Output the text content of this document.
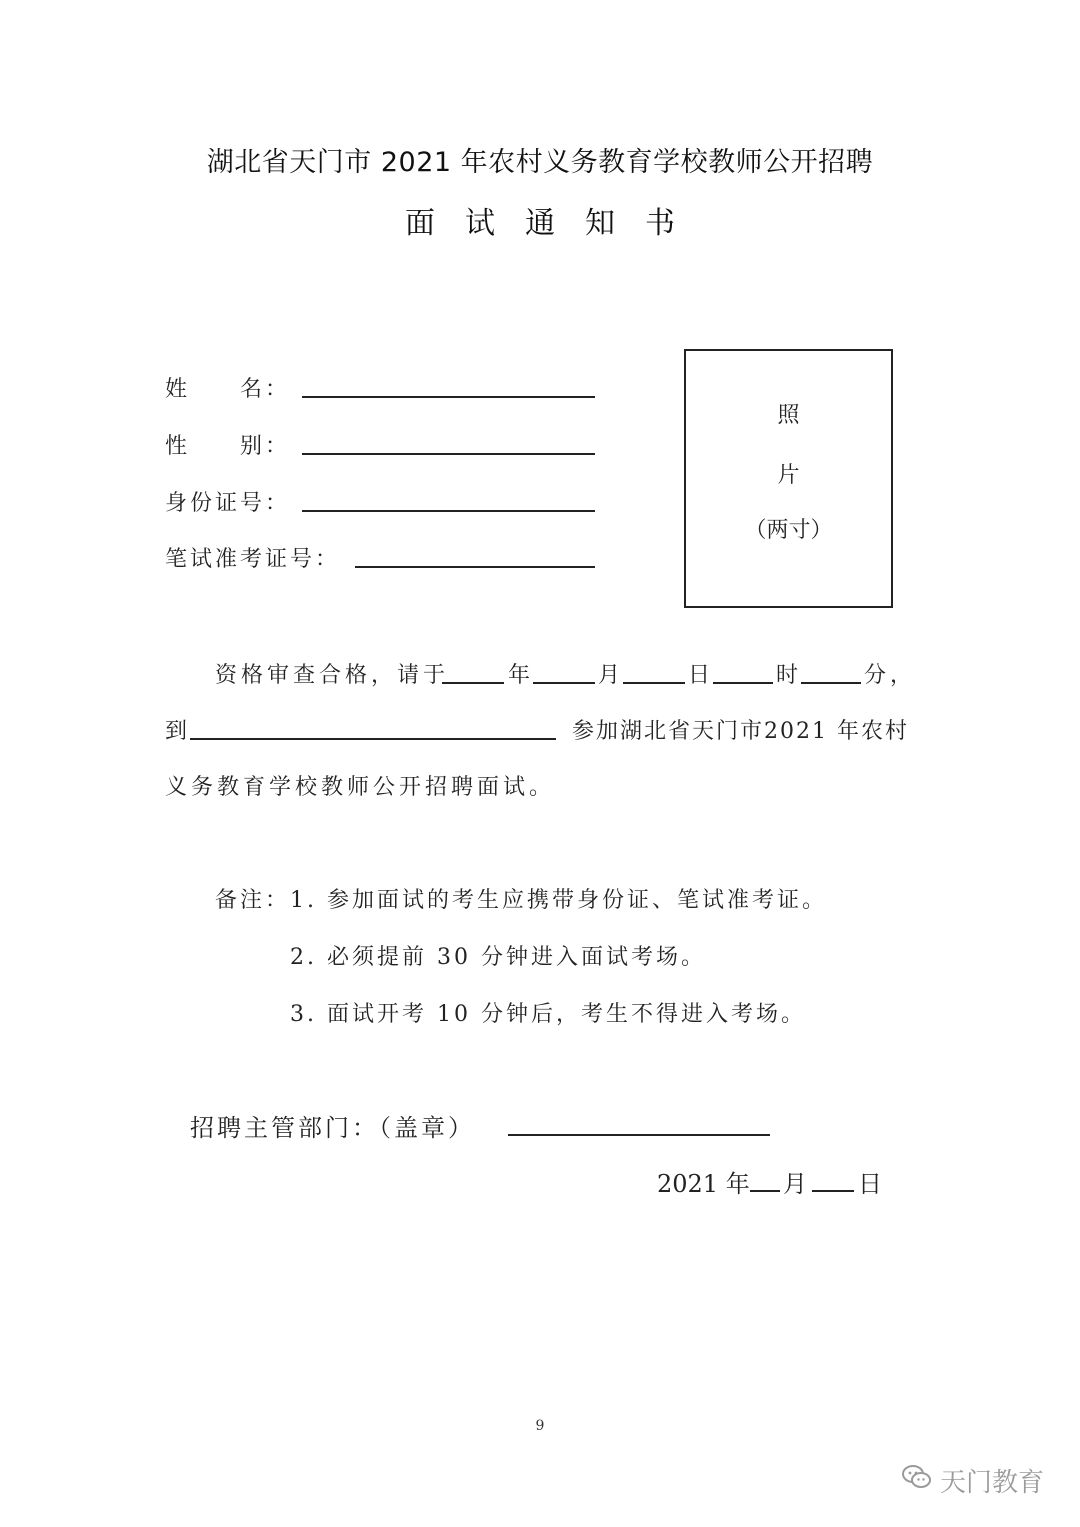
湖北省天门市 2021 年农村义务教育学校教师公开招聘
面试通知书
姓　　名：
性　　别：
身份证号：
笔试准考证号：
照
片
（两寸）
资格审查合格，请于	年	月	日	时	分，
到	参加湖北省天门市2021 年农村
义务教育学校教师公开招聘面试。
备注： 1. 参加面试的考生应携带身份证、笔试准考证。
2. 必须提前 30 分钟进入面试考场。
3. 面试开考 10 分钟后，考生不得进入考场。
招聘主管部门：（盖章）
2021 年 月 日
9
天门教育
